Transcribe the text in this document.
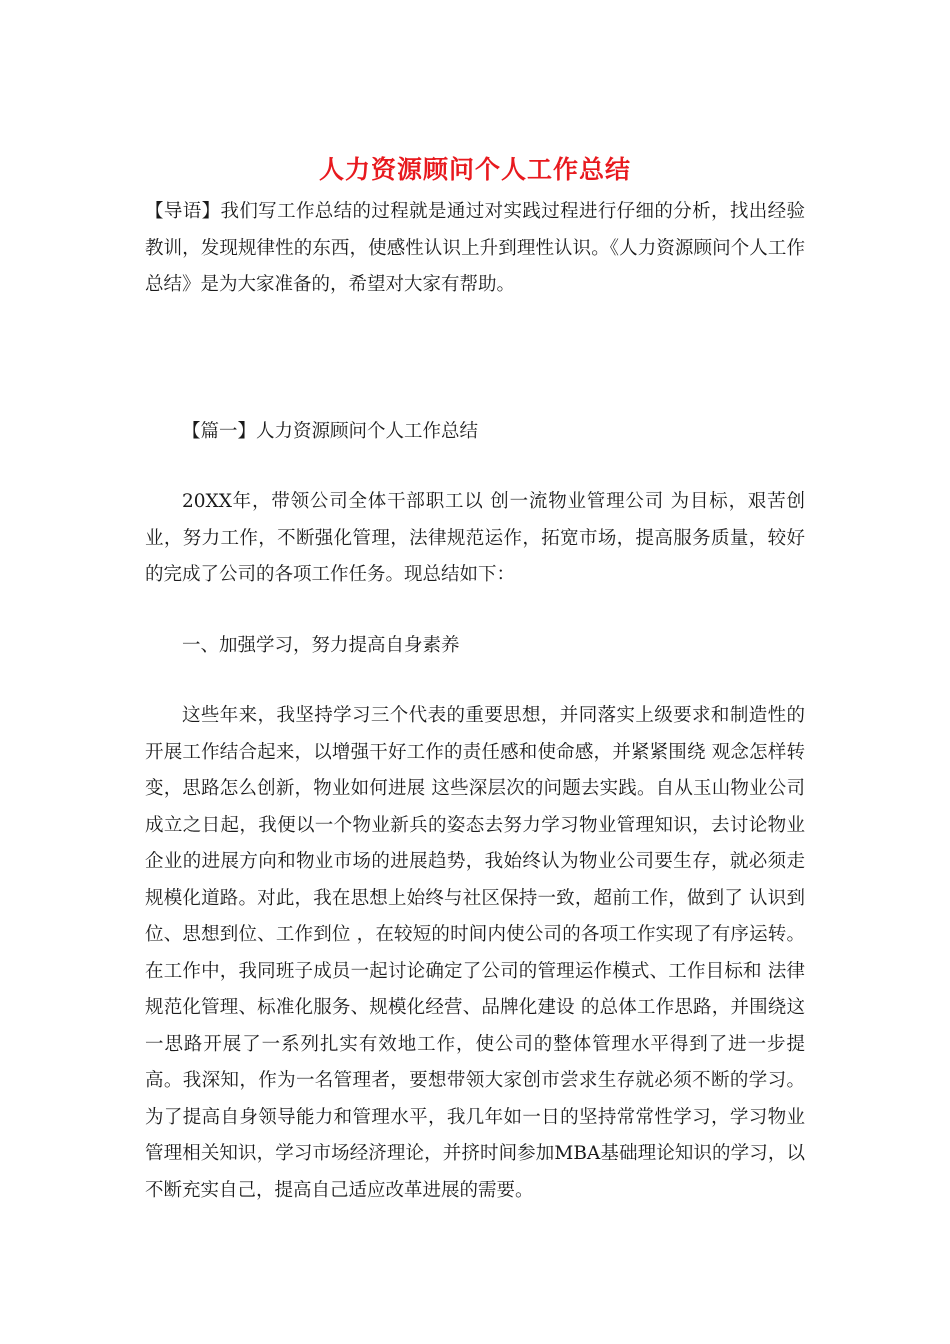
人力资源顾问个人工作总结

【导语】我们写工作总结的过程就是通过对实践过程进行仔细的分析，找出经验教训，发现规律性的东西，使感性认识上升到理性认识。《人力资源顾问个人工作总结》是为大家准备的，希望对大家有帮助。

【篇一】人力资源顾问个人工作总结

20XX年，带领公司全体干部职工以 创一流物业管理公司 为目标，艰苦创业，努力工作，不断强化管理，法律规范运作，拓宽市场，提高服务质量，较好的完成了公司的各项工作任务。现总结如下：

一、加强学习，努力提高自身素养

这些年来，我坚持学习三个代表的重要思想，并同落实上级要求和制造性的开展工作结合起来，以增强干好工作的责任感和使命感，并紧紧围绕 观念怎样转变，思路怎么创新，物业如何进展 这些深层次的问题去实践。自从玉山物业公司成立之日起，我便以一个物业新兵的姿态去努力学习物业管理知识，去讨论物业企业的进展方向和物业市场的进展趋势，我始终认为物业公司要生存，就必须走规模化道路。对此，我在思想上始终与社区保持一致，超前工作，做到了 认识到位、思想到位、工作到位 ，在较短的时间内使公司的各项工作实现了有序运转。在工作中，我同班子成员一起讨论确定了公司的管理运作模式、工作目标和 法律规范化管理、标准化服务、规模化经营、品牌化建设 的总体工作思路，并围绕这一思路开展了一系列扎实有效地工作，使公司的整体管理水平得到了进一步提高。我深知，作为一名管理者，要想带领大家创市尝求生存就必须不断的学习。为了提高自身领导能力和管理水平，我几年如一日的坚持常常性学习，学习物业管理相关知识，学习市场经济理论，并挤时间参加MBA基础理论知识的学习，以不断充实自己，提高自己适应改革进展的需要。
